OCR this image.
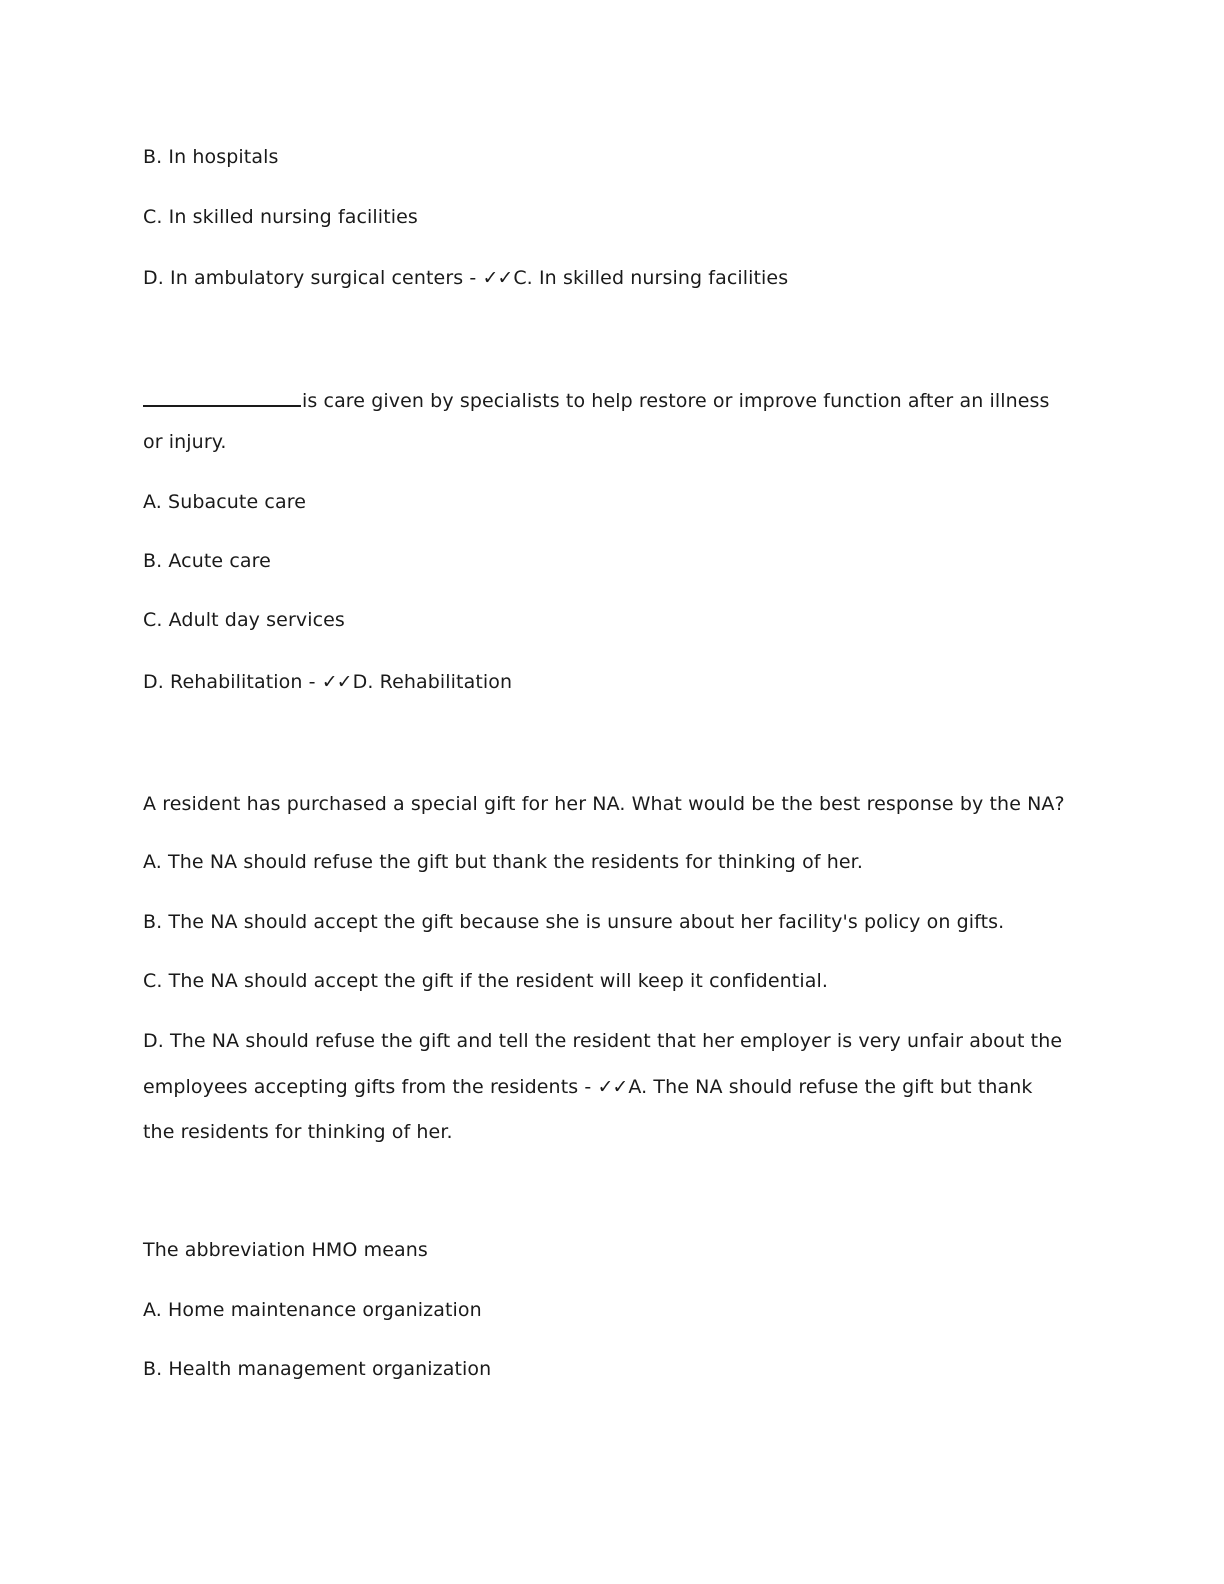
B. In hospitals
C. In skilled nursing facilities
D. In ambulatory surgical centers - ✓✓C. In skilled nursing facilities
is care given by specialists to help restore or improve function after an illness
or injury.
A. Subacute care
B. Acute care
C. Adult day services
D. Rehabilitation - ✓✓D. Rehabilitation
A resident has purchased a special gift for her NA. What would be the best response by the NA?
A. The NA should refuse the gift but thank the residents for thinking of her.
B. The NA should accept the gift because she is unsure about her facility's policy on gifts.
C. The NA should accept the gift if the resident will keep it confidential.
D. The NA should refuse the gift and tell the resident that her employer is very unfair about the
employees accepting gifts from the residents - ✓✓A. The NA should refuse the gift but thank
the residents for thinking of her.
The abbreviation HMO means
A. Home maintenance organization
B. Health management organization
